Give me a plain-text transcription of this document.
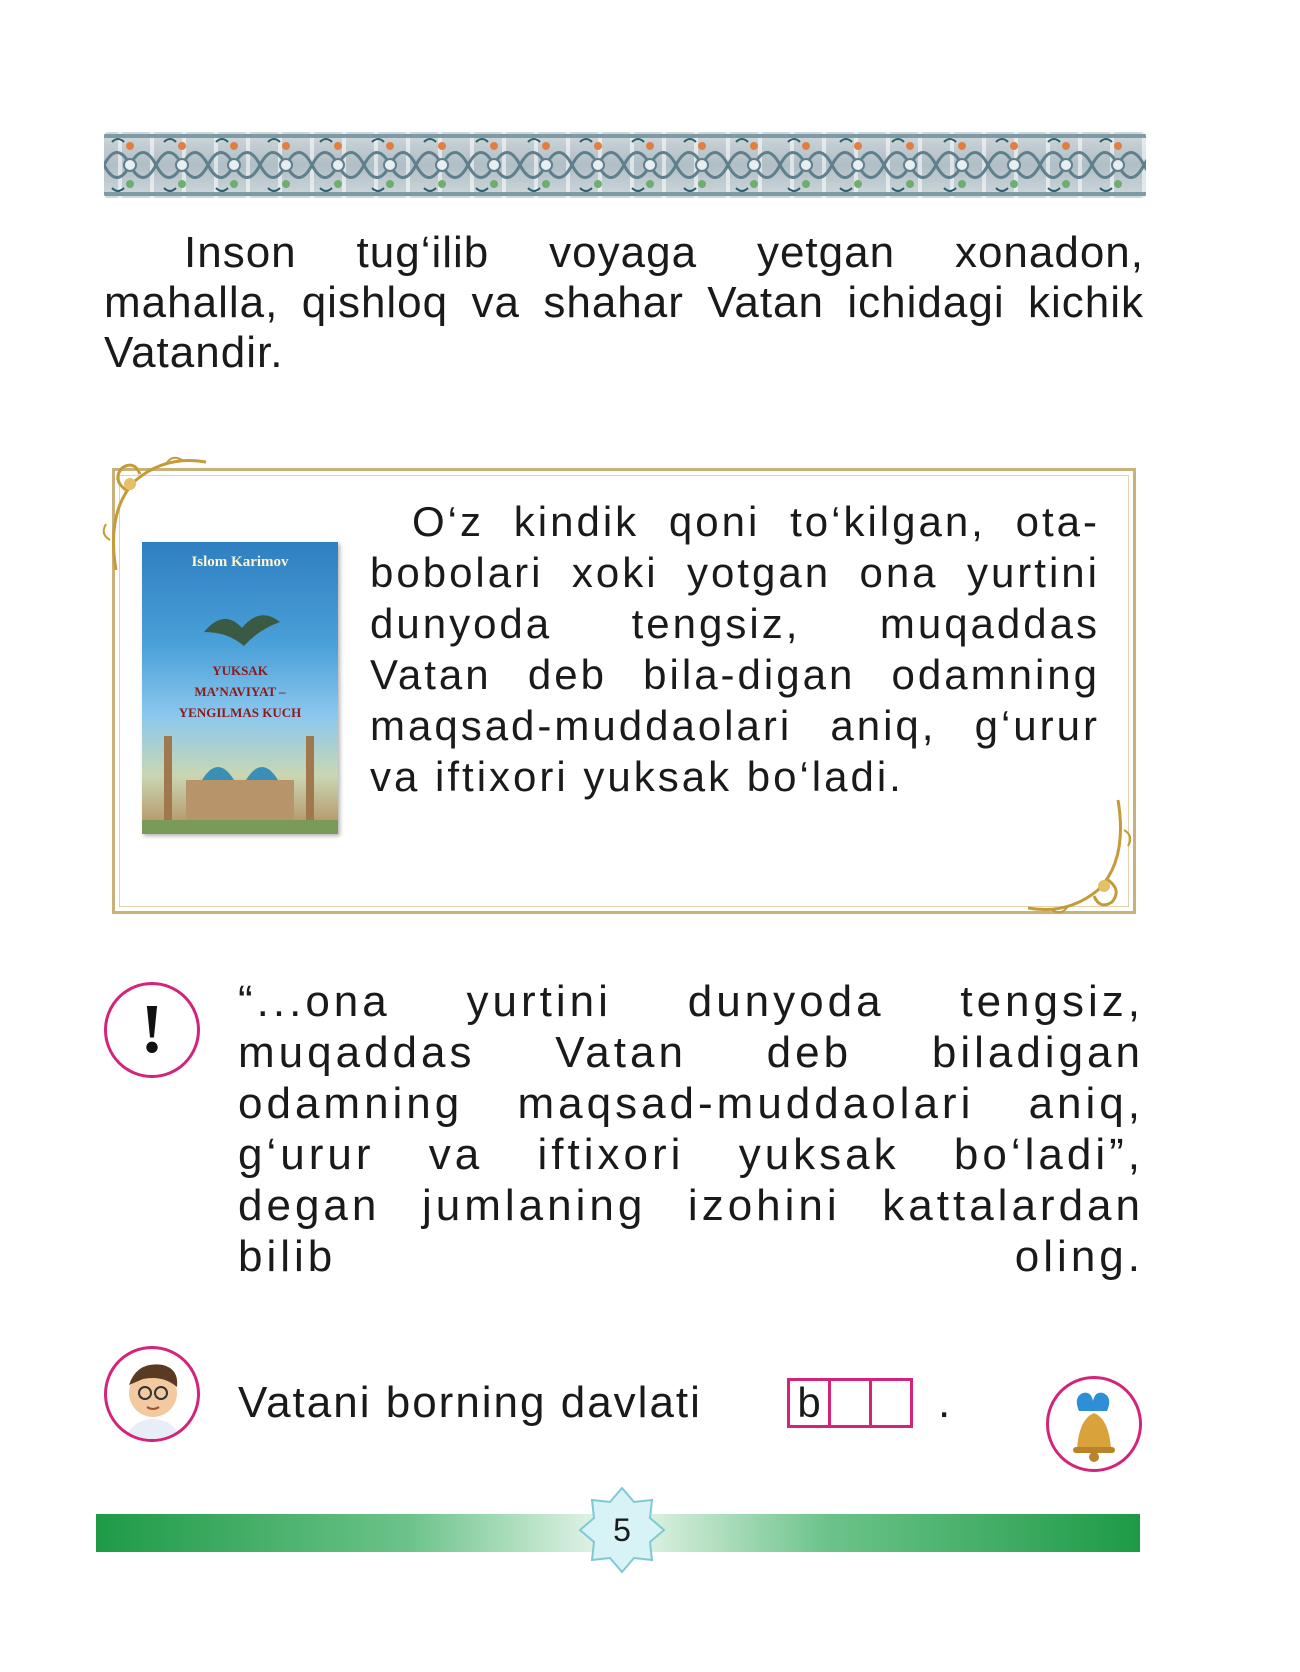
Inson tug‘ilib voyaga yetgan xonadon, mahalla, qishloq va shahar Vatan ichidagi kichik Vatandir.
Islom Karimov
YUKSAK
MA’NAVIYAT –
YENGILMAS KUCH
O‘z kindik qoni to‘kilgan, ota-bobolari xoki yotgan ona yurtini dunyoda tengsiz, muqaddas Vatan deb bila-digan odamning maqsad-muddaolari aniq, g‘urur va iftixori yuksak bo‘ladi.
! “...ona yurtini dunyoda tengsiz, muqaddas Vatan deb biladigan odamning maqsad-muddaolari aniq, g‘urur va iftixori yuksak bo‘ladi”, degan jumlaning izohini kattalardan bilib oling.
Vatani borning davlati b	.
5
